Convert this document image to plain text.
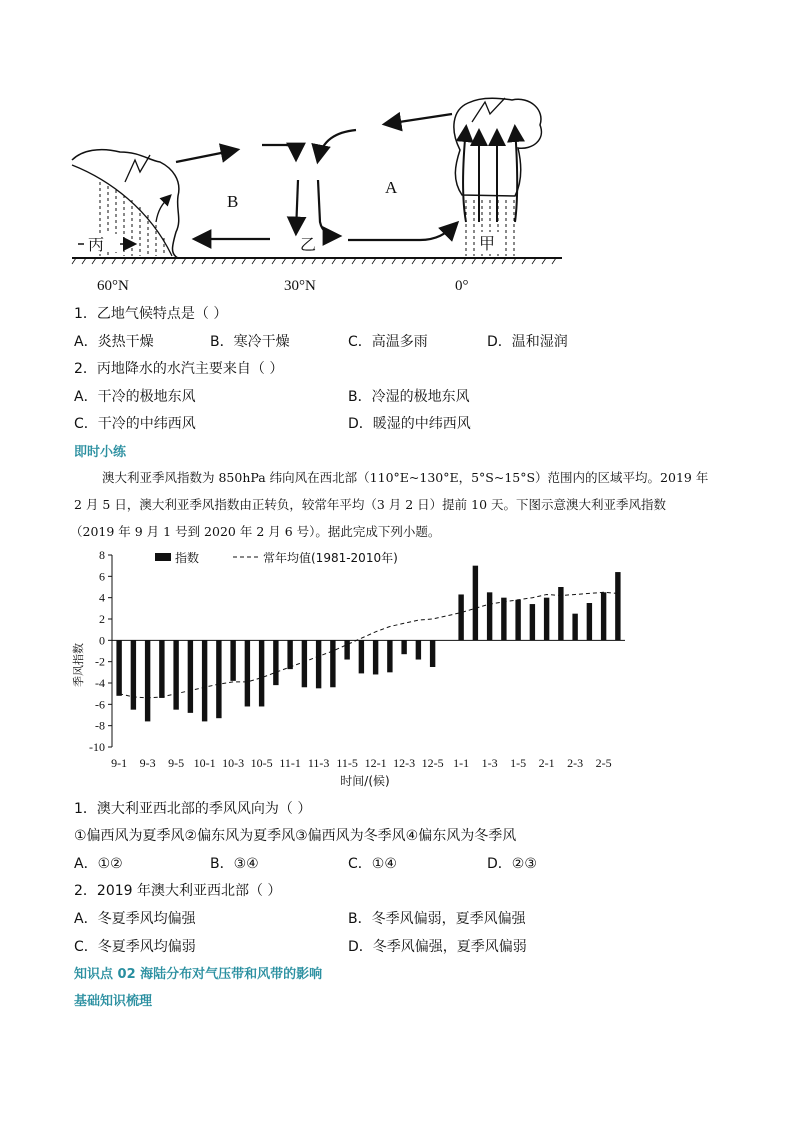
丙
B
A
乙	甲
60°N	30°N	0°
1．乙地气候特点是（ ）
A．炎热干燥	B．寒冷干燥	C．高温多雨	D．温和湿润
2．丙地降水的水汽主要来自（ ）
A．干冷的极地东风	B．冷湿的极地东风
C．干冷的中纬西风	D．暖湿的中纬西风
即时小练
澳大利亚季风指数为 850hPa 纬向风在西北部（110°E~130°E，5°S~15°S）范围内的区域平均。2019 年
2 月 5 日，澳大利亚季风指数由正转负，较常年平均（3 月 2 日）提前 10 天。下图示意澳大利亚季风指数
（2019 年 9 月 1 号到 2020 年 2 月 6 号）。据此完成下列小题。
8
6
4
2
0
-2
-4
-6
-8
-10
9-1 9-3 9-5 10-1 10-3 10-5 11-1 11-3 11-5 12-1 12-3 12-5 1-1 1-3 1-5 2-1 2-3 2-5
指数	常年均值(1981-2010年)
季风指数
时间/(候)
1．澳大利亚西北部的季风风向为（ ）
①偏西风为夏季风②偏东风为夏季风③偏西风为冬季风④偏东风为冬季风
A．①②	B．③④	C．①④	D．②③
2．2019 年澳大利亚西北部（ ）
A．冬夏季风均偏强	B．冬季风偏弱，夏季风偏强
C．冬夏季风均偏弱	D．冬季风偏强，夏季风偏弱
知识点 02 海陆分布对气压带和风带的影响
基础知识梳理
